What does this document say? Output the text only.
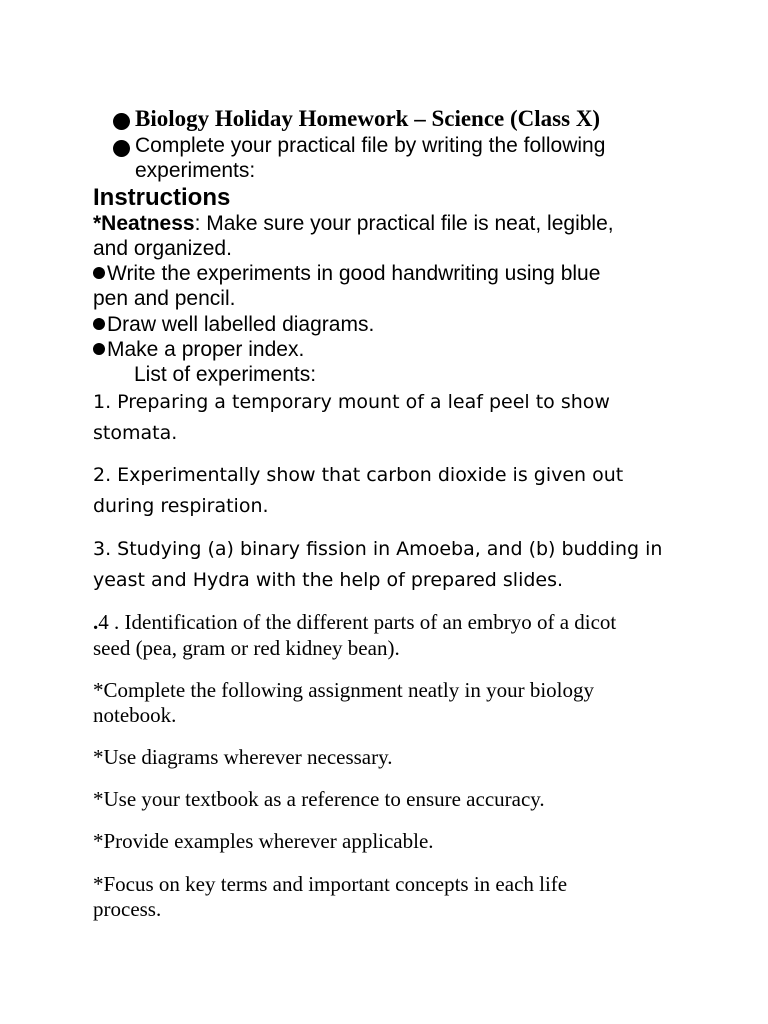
Biology Holiday Homework – Science (Class X)
Complete your practical file by writing the following
experiments:
Instructions
*Neatness: Make sure your practical file is neat, legible,
and organized.
Write the experiments in good handwriting using blue
pen and pencil.
Draw well labelled diagrams.
Make a proper index.
List of experiments:
1. Preparing a temporary mount of a leaf peel to show
stomata.
2. Experimentally show that carbon dioxide is given out
during respiration.
3. Studying (a) binary fission in Amoeba, and (b) budding in
yeast and Hydra with the help of prepared slides.
.4 . Identification of the different parts of an embryo of a dicot
seed (pea, gram or red kidney bean).
*Complete the following assignment neatly in your biology
notebook.
*Use diagrams wherever necessary.
*Use your textbook as a reference to ensure accuracy.
*Provide examples wherever applicable.
*Focus on key terms and important concepts in each life
process.
